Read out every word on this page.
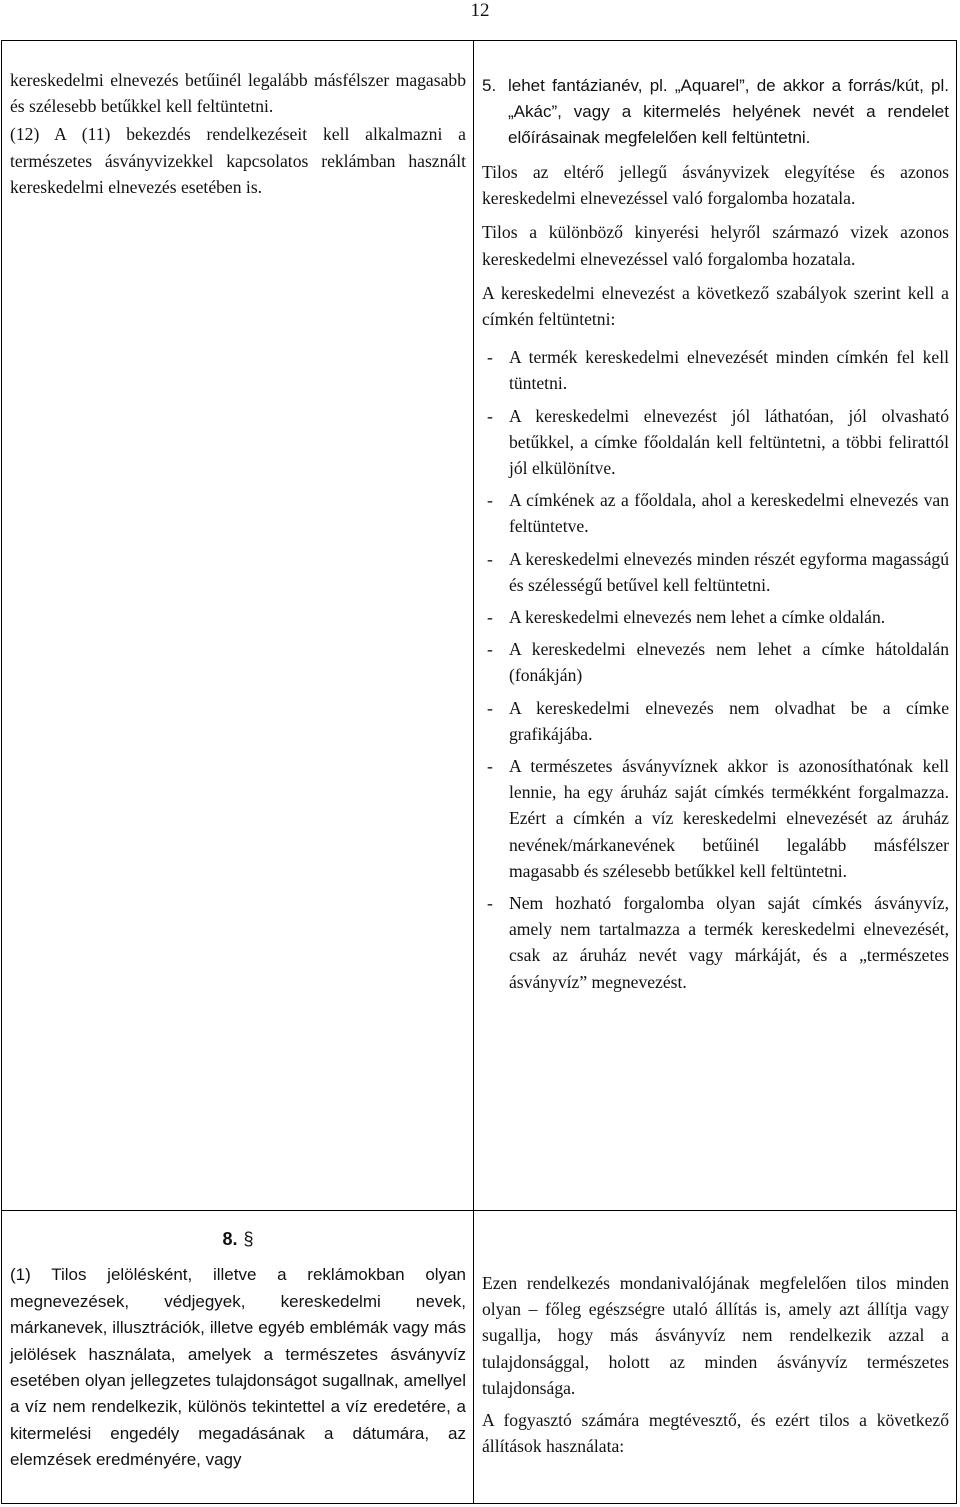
12

kereskedelmi elnevezés betűinél legalább másfélszer magasabb és szélesebb betűkkel kell feltüntetni.

(12) A (11) bekezdés rendelkezéseit kell alkalmazni a természetes ásványvizekkel kapcsolatos reklámban használt kereskedelmi elnevezés esetében is.

5. lehet fantázianév, pl. „Aquarel”, de akkor a forrás/kút, pl. „Akác”, vagy a kitermelés helyének nevét a rendelet előírásainak megfelelően kell feltüntetni.

Tilos az eltérő jellegű ásványvizek elegyítése és azonos kereskedelmi elnevezéssel való forgalomba hozatala.

Tilos a különböző kinyerési helyről származó vizek azonos kereskedelmi elnevezéssel való forgalomba hozatala.

A kereskedelmi elnevezést a következő szabályok szerint kell a címkén feltüntetni:

- A termék kereskedelmi elnevezését minden címkén fel kell tüntetni.
- A kereskedelmi elnevezést jól láthatóan, jól olvasható betűkkel, a címke főoldalán kell feltüntetni, a többi felirattól jól elkülönítve.
- A címkének az a főoldala, ahol a kereskedelmi elnevezés van feltüntetve.
- A kereskedelmi elnevezés minden részét egyforma magasságú és szélességű betűvel kell feltüntetni.
- A kereskedelmi elnevezés nem lehet a címke oldalán.
- A kereskedelmi elnevezés nem lehet a címke hátoldalán (fonákján)
- A kereskedelmi elnevezés nem olvadhat be a címke grafikájába.
- A természetes ásványvíznek akkor is azonosíthatónak kell lennie, ha egy áruház saját címkés termékként forgalmazza. Ezért a címkén a víz kereskedelmi elnevezését az áruház nevének/márkanevének betűinél legalább másfélszer magasabb és szélesebb betűkkel kell feltüntetni.
- Nem hozható forgalomba olyan saját címkés ásványvíz, amely nem tartalmazza a termék kereskedelmi elnevezését, csak az áruház nevét vagy márkáját, és a „természetes ásványvíz” megnevezést.
8. §

(1) Tilos jelölésként, illetve a reklámokban olyan megnevezések, védjegyek, kereskedelmi nevek, márkanevek, illusztrációk, illetve egyéb emblémák vagy más jelölések használata, amelyek a természetes ásványvíz esetében olyan jellegzetes tulajdonságot sugallnak, amellyel a víz nem rendelkezik, különös tekintettel a víz eredetére, a kitermelési engedély megadásának a dátumára, az elemzések eredményére, vagy

Ezen rendelkezés mondanivalójának megfelelően tilos minden olyan – főleg egészségre utaló állítás is, amely azt állítja vagy sugallja, hogy más ásványvíz nem rendelkezik azzal a tulajdonsággal, holott az minden ásványvíz természetes tulajdonsága.

A fogyasztó számára megtévesztő, és ezért tilos a következő állítások használata:
